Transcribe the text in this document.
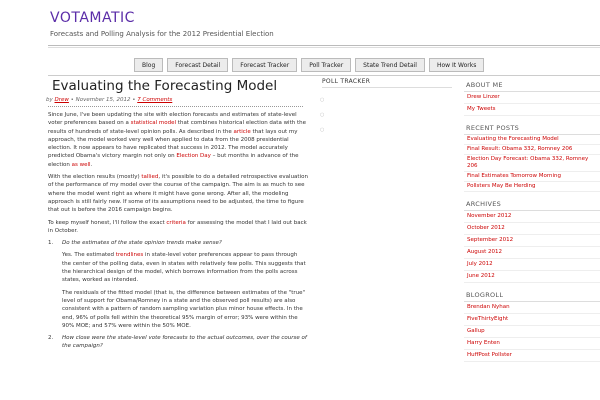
VOTAMATIC
Forecasts and Polling Analysis for the 2012 Presidential Election
Blog	Forecast Detail	Forecast Tracker	Poll Tracker	State Trend Detail	How It Works
Evaluating the Forecasting Model
by Drew • November 15, 2012 • 7 Comments

Since June, I've been updating the site with election forecasts and estimates of state-level voter preferences based on a statistical model that combines historical election data with the results of hundreds of state-level opinion polls. As described in the article that lays out my approach, the model worked very well when applied to data from the 2008 presidential election. It now appears to have replicated that success in 2012. The model accurately predicted Obama's victory margin not only on Election Day – but months in advance of the election as well.

With the election results (mostly) tallied, it's possible to do a detailed retrospective evaluation of the performance of my model over the course of the campaign. The aim is as much to see where the model went right as where it might have gone wrong. After all, the modeling approach is still fairly new. If some of its assumptions need to be adjusted, the time to figure that out is before the 2016 campaign begins.

To keep myself honest, I'll follow the exact criteria for assessing the model that I laid out back in October.

1.	Do the estimates of the state opinion trends make sense?

Yes. The estimated trendlines in state-level voter preferences appear to pass through the center of the polling data, even in states with relatively few polls. This suggests that the hierarchical design of the model, which borrows information from the polls across states, worked as intended.

The residuals of the fitted model (that is, the difference between estimates of the "true" level of support for Obama/Romney in a state and the observed poll results) are also consistent with a pattern of random sampling variation plus minor house effects. In the end, 96% of polls fell within the theoretical 95% margin of error; 93% were within the 90% MOE; and 57% were within the 50% MOE.

2.	How close were the state-level vote forecasts to the actual outcomes, over the course of the campaign?
POLL TRACKER
○
○
○
ABOUT ME
Drew Linzer
My Tweets
RECENT POSTS
Evaluating the Forecasting Model
Final Result: Obama 332, Romney 206
Election Day Forecast: Obama 332, Romney 206
Final Estimates Tomorrow Morning
Pollsters May Be Herding
ARCHIVES
November 2012
October 2012
September 2012
August 2012
July 2012
June 2012
BLOGROLL
Brendan Nyhan
FiveThirtyEight
Gallup
Harry Enten
HuffPost Pollster
